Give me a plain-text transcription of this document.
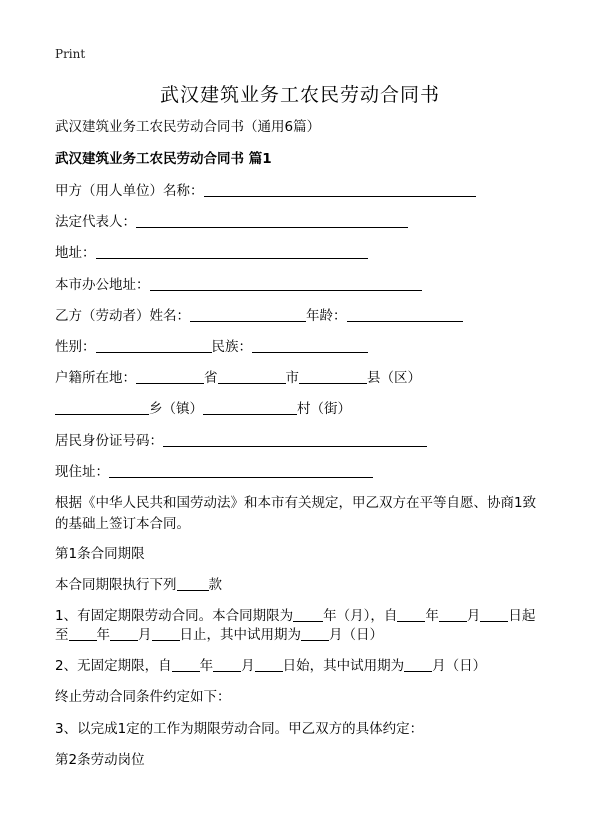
Print
武汉建筑业务工农民劳动合同书
武汉建筑业务工农民劳动合同书（通用6篇）
武汉建筑业务工农民劳动合同书 篇1
甲方（用人单位）名称：
法定代表人：
地址：
本市办公地址：
乙方（劳动者）姓名：	年龄：
性别：	民族：
户籍所在地：	省	市	县（区）
乡（镇）	村（街）
居民身份证号码：
现住址：
根据《中华人民共和国劳动法》和本市有关规定，甲乙双方在平等自愿、协商1致
的基础上签订本合同。
第1条合同期限
本合同期限执行下列 款
1、有固定期限劳动合同。本合同期限为 年（月），自 年 月 日起
至 年 月 日止，其中试用期为 月（日）
2、无固定期限，自 年 月 日始，其中试用期为 月（日）
终止劳动合同条件约定如下：
3、以完成1定的工作为期限劳动合同。甲乙双方的具体约定：
第2条劳动岗位
